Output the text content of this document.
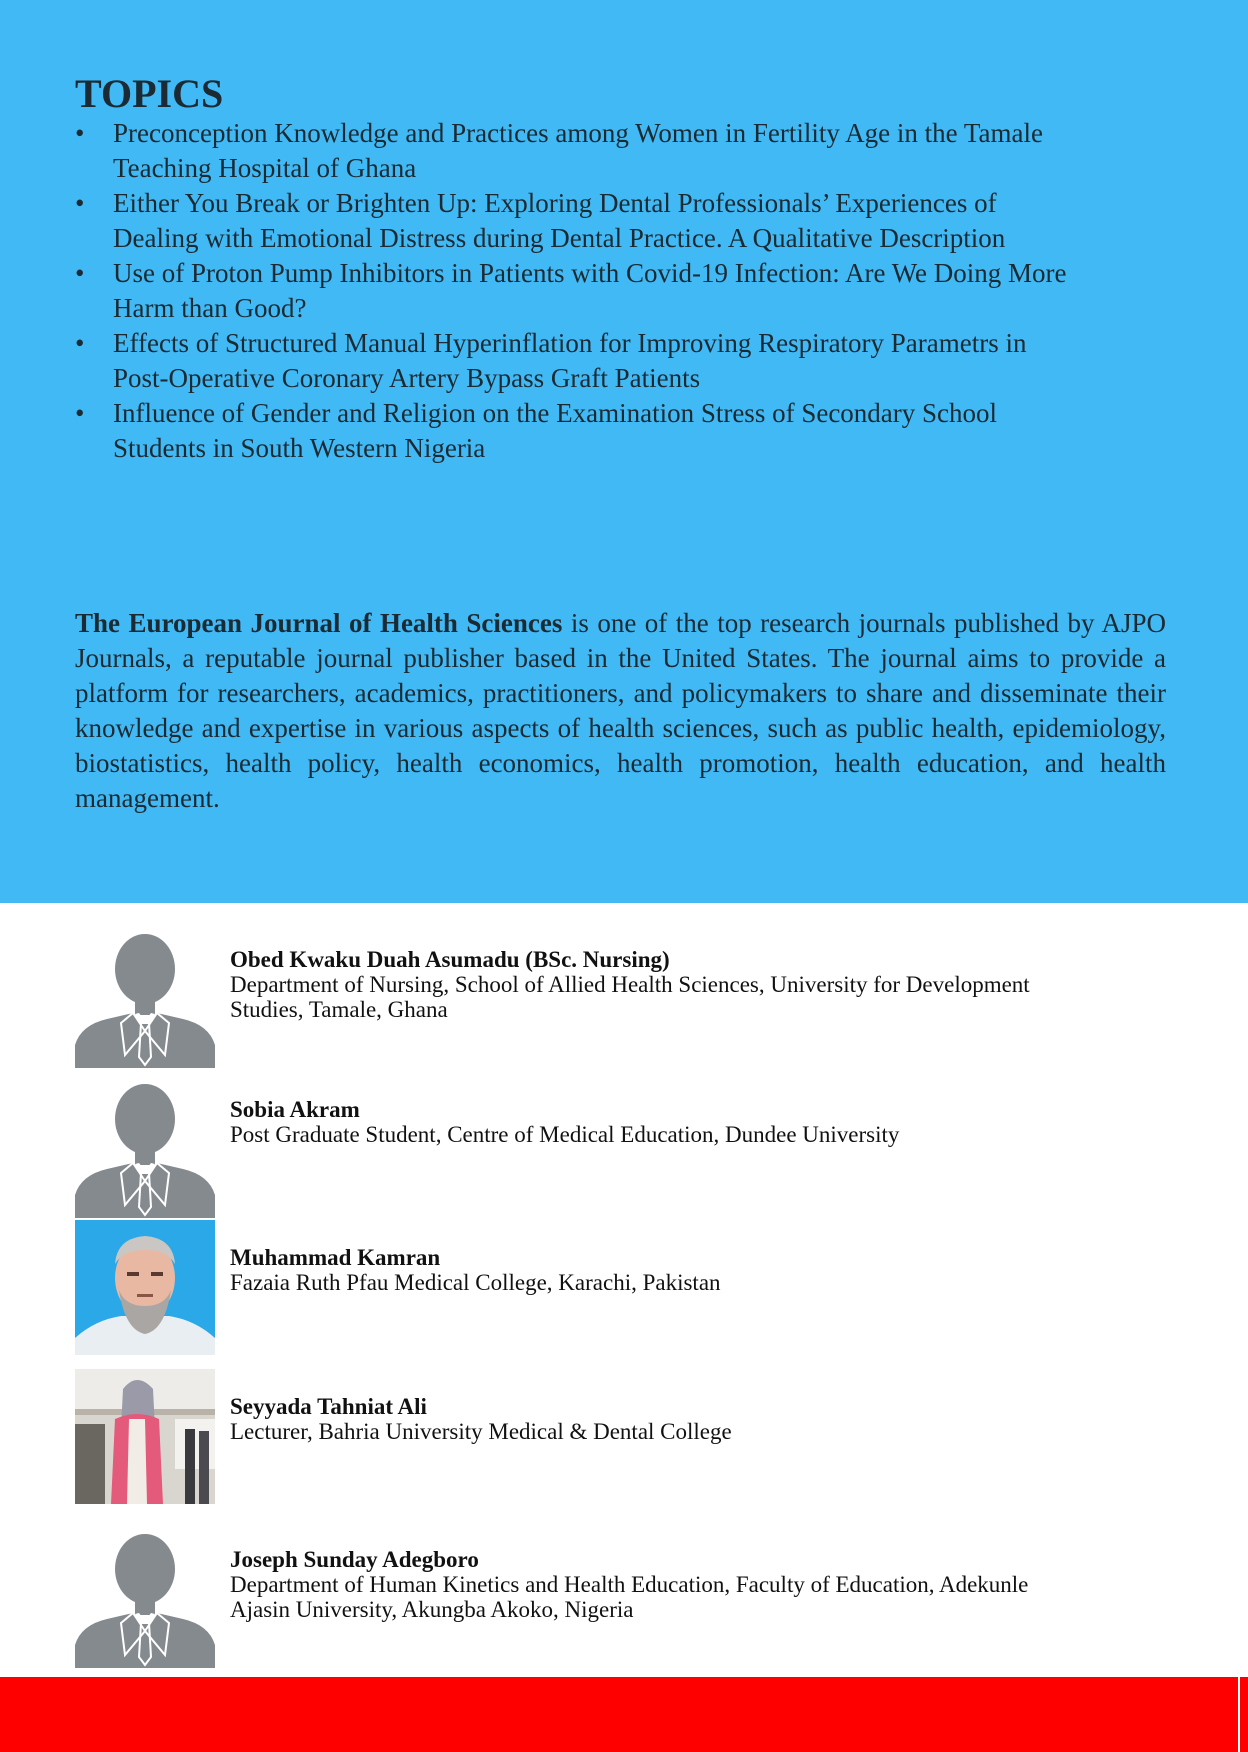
TOPICS
•	Preconception Knowledge and Practices among Women in Fertility Age in the Tamale
Teaching Hospital of Ghana
•	Either You Break or Brighten Up: Exploring Dental Professionals’ Experiences of
Dealing with Emotional Distress during Dental Practice. A Qualitative Description
•	Use of Proton Pump Inhibitors in Patients with Covid-19 Infection: Are We Doing More
Harm than Good?
•	Effects of Structured Manual Hyperinflation for Improving Respiratory Parametrs in
Post-Operative Coronary Artery Bypass Graft Patients
•	Influence of Gender and Religion on the Examination Stress of Secondary School
Students in South Western Nigeria

The European Journal of Health Sciences is one of the top research journals published by AJPO Journals, a reputable journal publisher based in the United States. The journal aims to provide a platform for researchers, academics, practitioners, and policymakers to share and disseminate their knowledge and expertise in various aspects of health sciences, such as public health, epidemiology, biostatistics, health policy, health economics, health promotion, health education, and health management.

Obed Kwaku Duah Asumadu (BSc. Nursing)
Department of Nursing, School of Allied Health Sciences, University for Development
Studies, Tamale, Ghana
Sobia Akram
Post Graduate Student, Centre of Medical Education, Dundee University
Muhammad Kamran
Fazaia Ruth Pfau Medical College, Karachi, Pakistan
Seyyada Tahniat Ali
Lecturer, Bahria University Medical & Dental College
Joseph Sunday Adegboro
Department of Human Kinetics and Health Education, Faculty of Education, Adekunle
Ajasin University, Akungba Akoko, Nigeria
